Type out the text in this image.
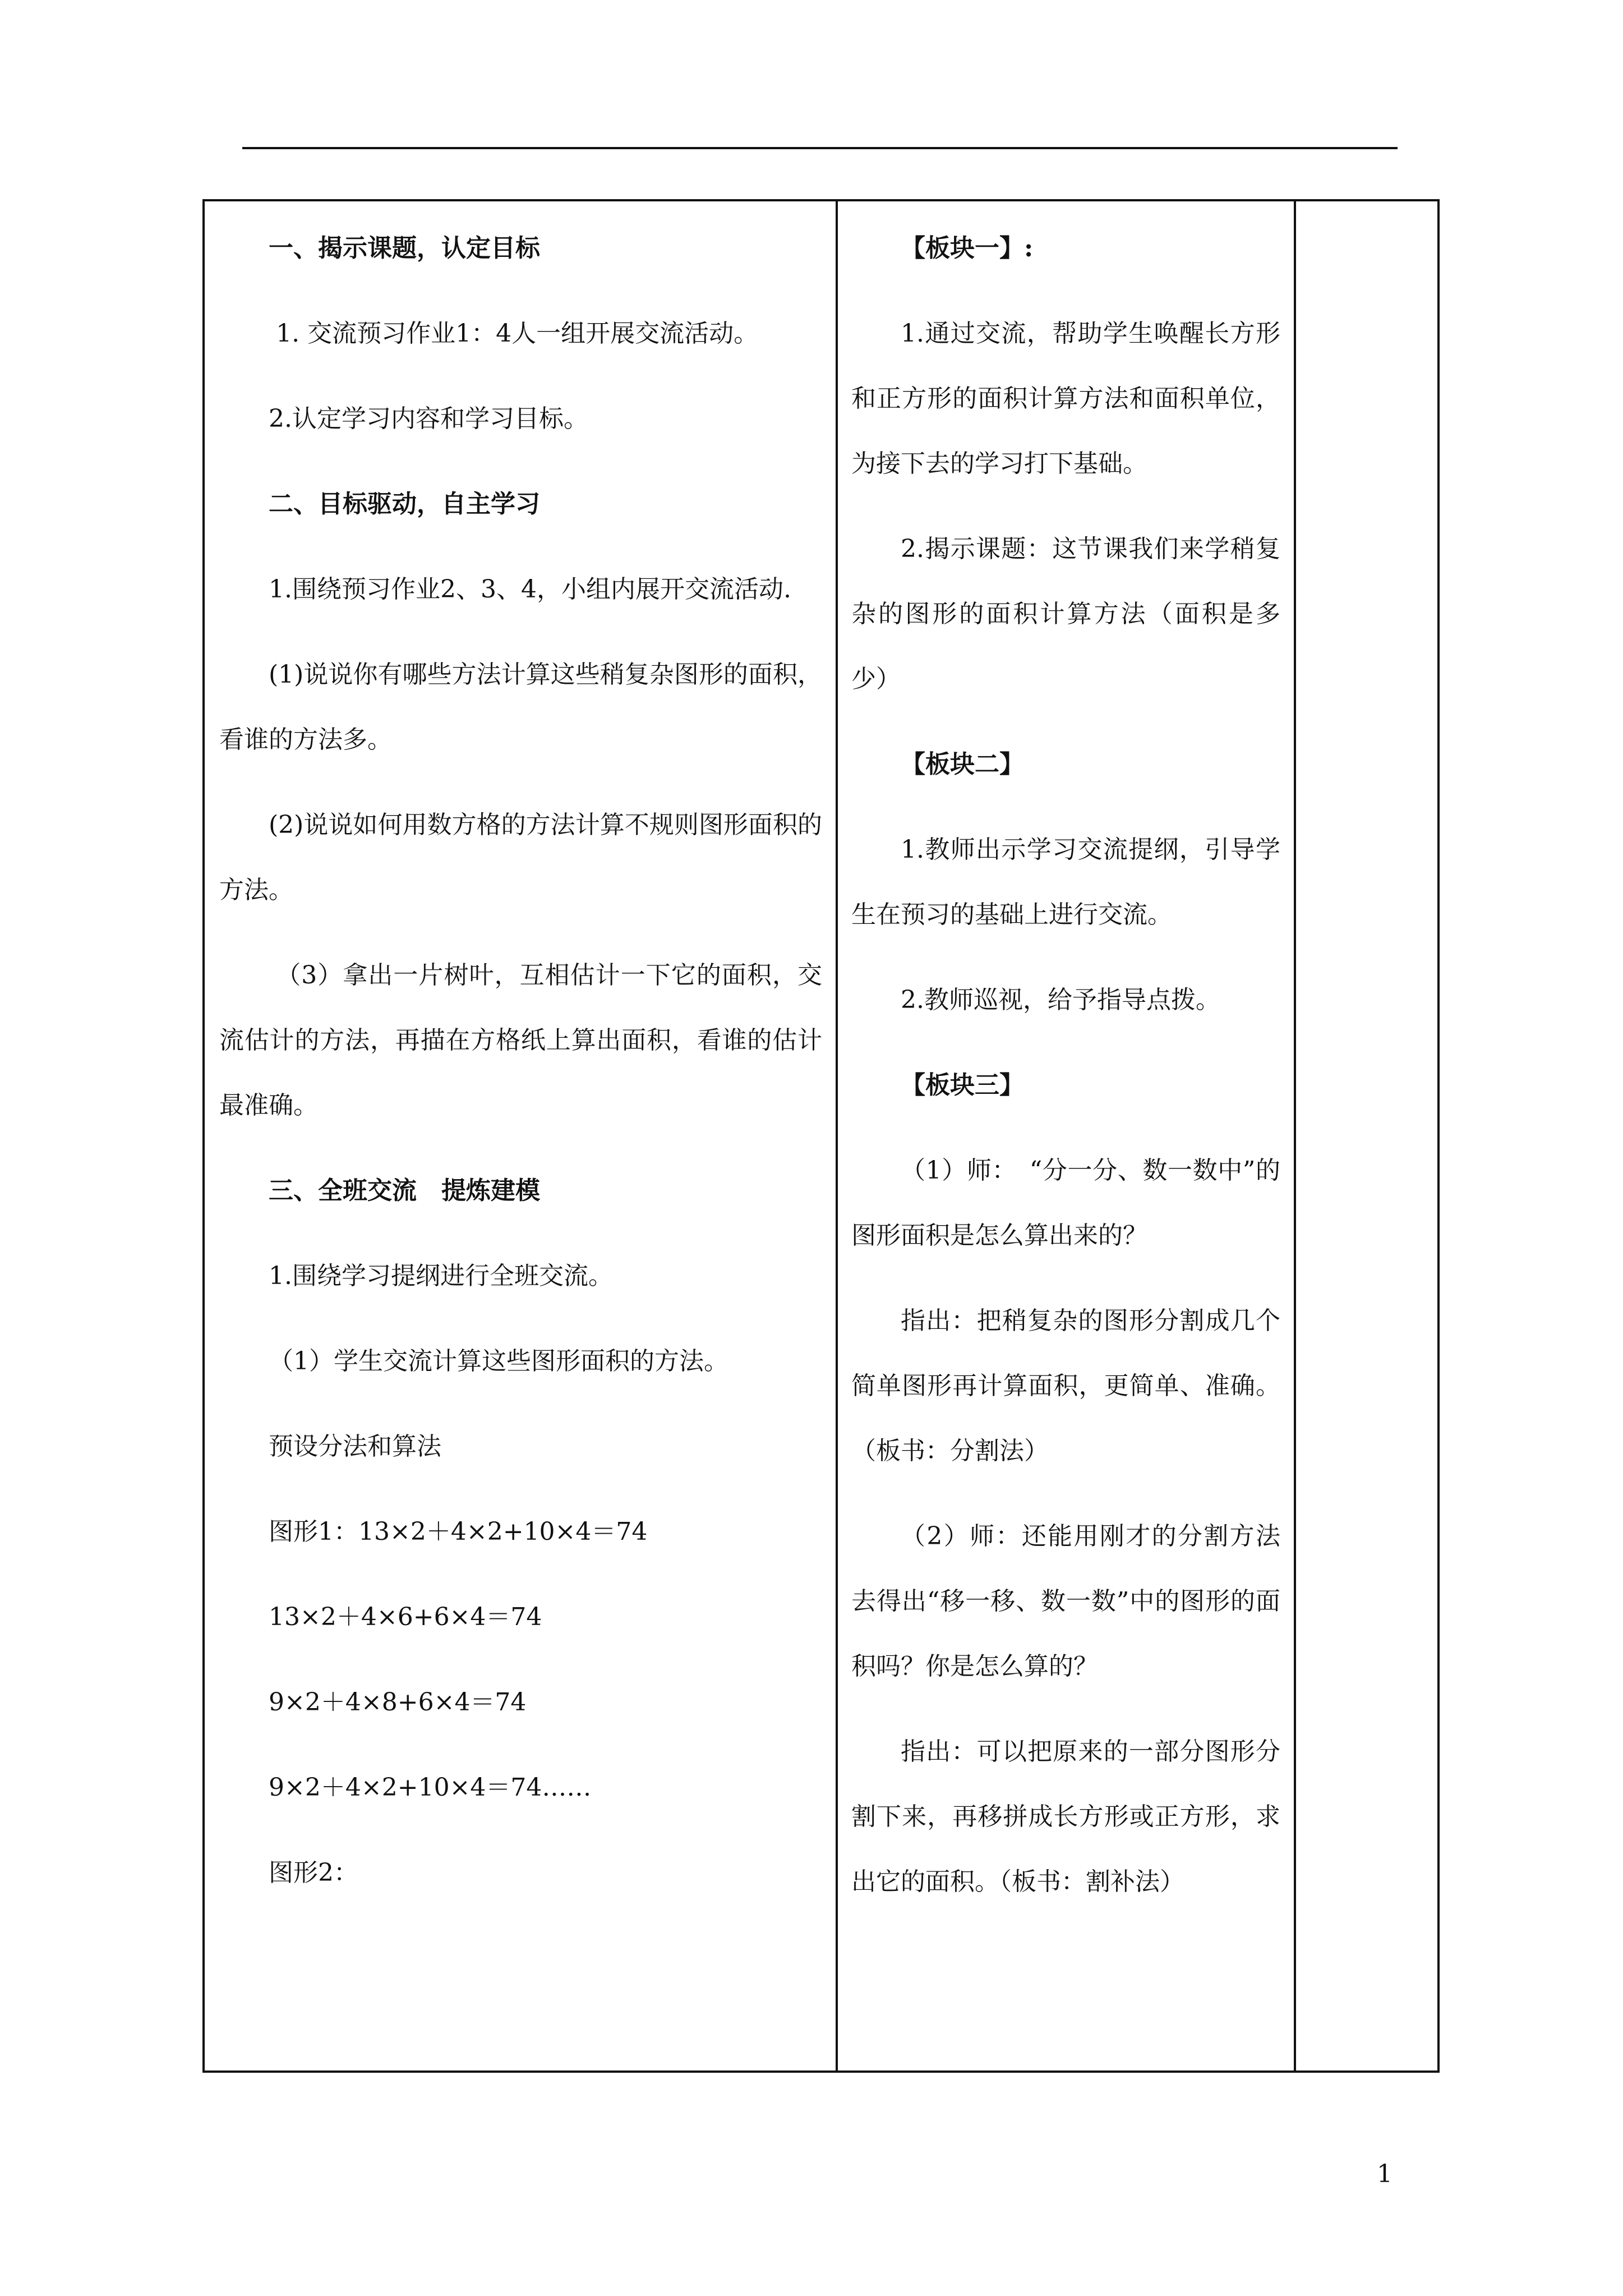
一、揭示课题，认定目标

1. 交流预习作业1：4人一组开展交流活动。

2.认定学习内容和学习目标。

二、目标驱动，自主学习

1.围绕预习作业2、3、4，小组内展开交流活动.

(1)说说你有哪些方法计算这些稍复杂图形的面积，看谁的方法多。

(2)说说如何用数方格的方法计算不规则图形面积的方法。

（3）拿出一片树叶，互相估计一下它的面积，交流估计的方法，再描在方格纸上算出面积，看谁的估计最准确。

三、全班交流　提炼建模

1.围绕学习提纲进行全班交流。

（1）学生交流计算这些图形面积的方法。

预设分法和算法

图形1：13×2＋4×2+10×4＝74

13×2＋4×6+6×4＝74

9×2＋4×8+6×4＝74

9×2＋4×2+10×4＝74……

图形2：

【板块一】:

1.通过交流，帮助学生唤醒长方形和正方形的面积计算方法和面积单位，为接下去的学习打下基础。

2.揭示课题：这节课我们来学稍复杂的图形的面积计算方法（面积是多少）

【板块二】

1.教师出示学习交流提纲，引导学生在预习的基础上进行交流。

2.教师巡视，给予指导点拨。

【板块三】

（1）师：　“分一分、数一数中”的图形面积是怎么算出来的？

指出：把稍复杂的图形分割成几个简单图形再计算面积，更简单、准确。（板书：分割法）

（2）师：还能用刚才的分割方法去得出“移一移、数一数”中的图形的面积吗？你是怎么算的？

指出：可以把原来的一部分图形分割下来，再移拼成长方形或正方形，求出它的面积。（板书：割补法）

1
